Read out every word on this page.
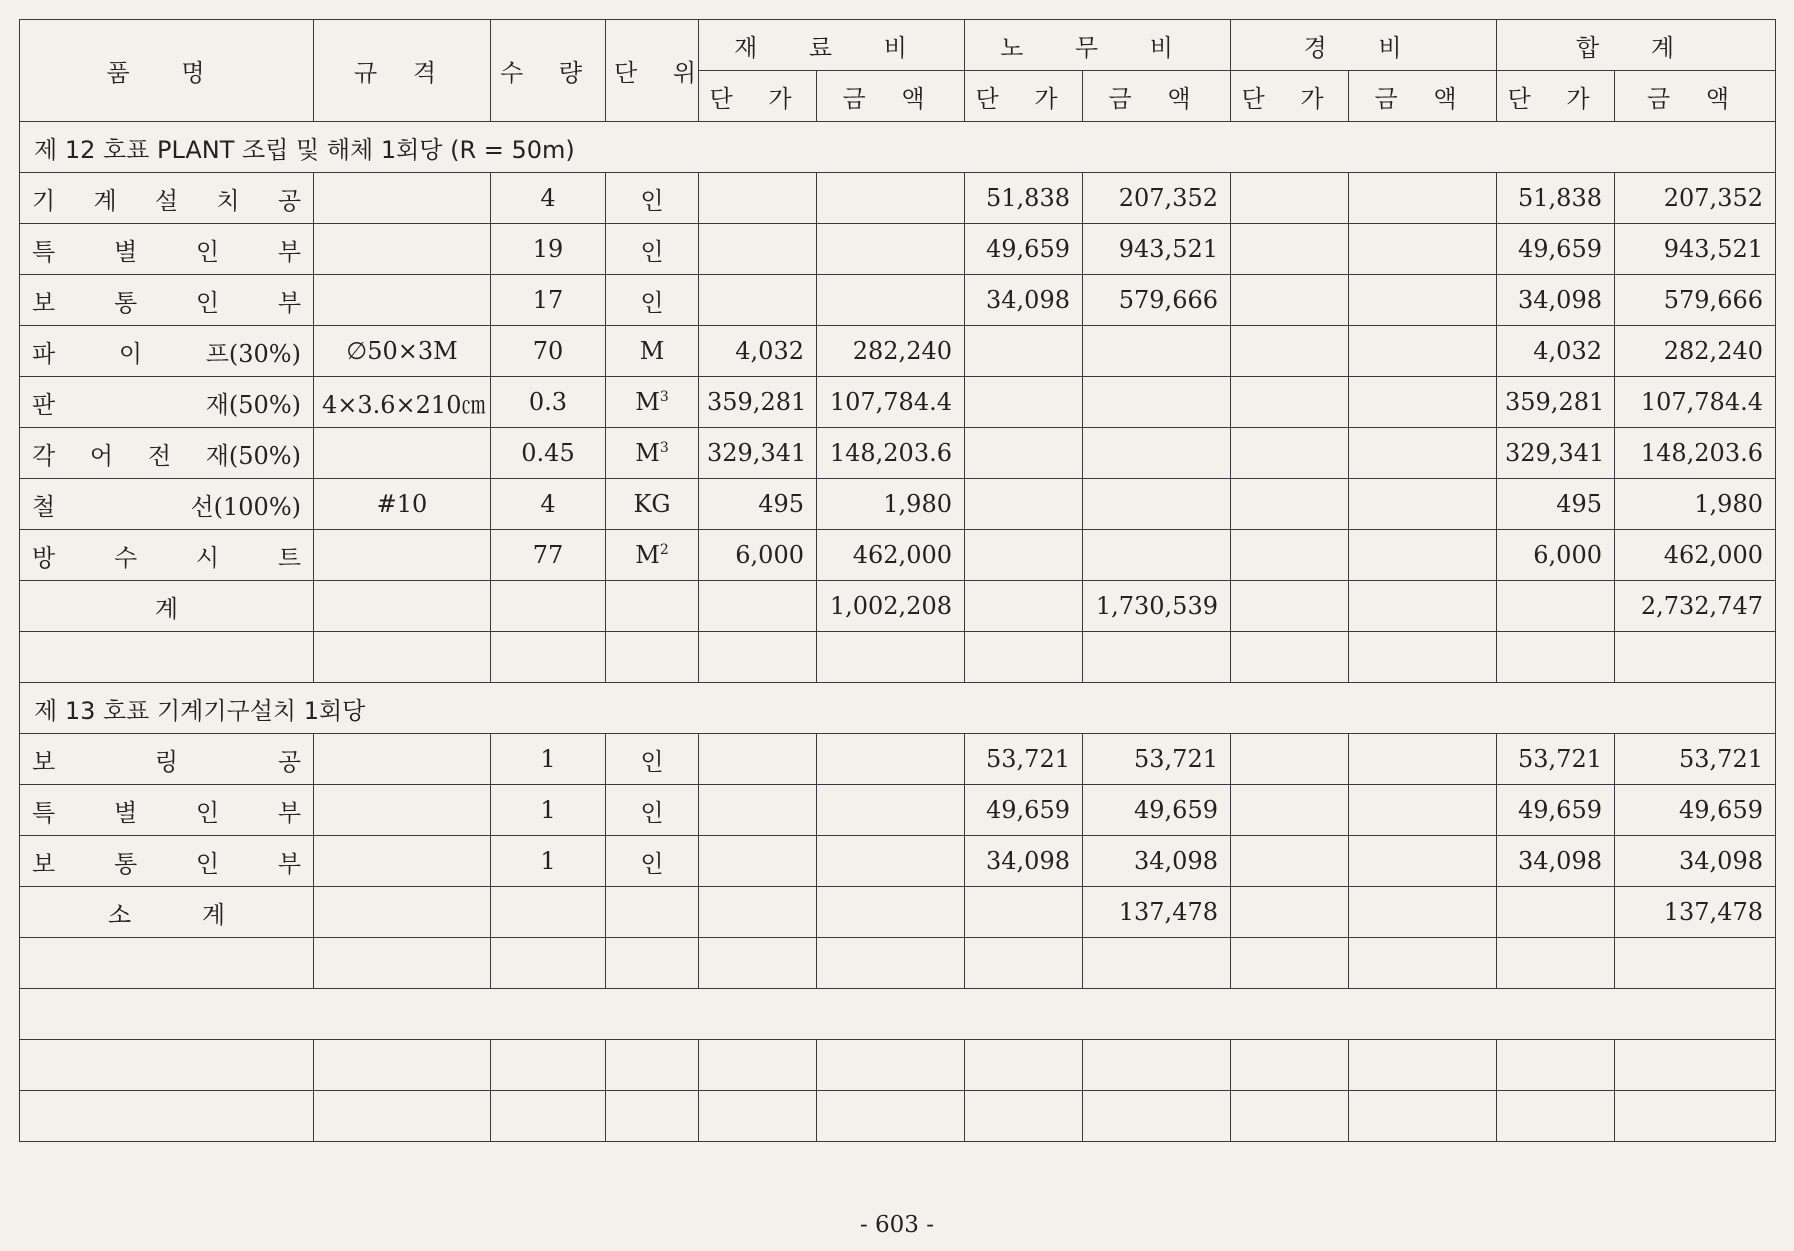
품 명	규 격	수 량	단 위	재 료 비		노 무 비		경 비		합 계	
				단 가	금 액	단 가	금 액	단 가	금 액	단 가	금 액
제 12 호표 PLANT 조립 및 해체 1회당 (R = 50m)											

기 계 설 치 공		4	인			51,838	207,352			51,838	207,352

특 별 인 부		19	인			49,659	943,521			49,659	943,521

보 통 인 부		17	인			34,098	579,666			34,098	579,666

파 이 프(30%)	∅50×3M	70	M	4,032	282,240					4,032	282,240

판 재(50%)	4×3.6×210㎝	0.3	$M^3$	359,281	107,784.4					359,281	107,784.4

각 어 전 재(50%)		0.45	$M^3$	329,341	148,203.6					329,341	148,203.6

철 선(100%)	#10	4	KG	495	1,980					495	1,980

방 수 시 트		77	$M^2$	6,000	462,000					6,000	462,000
계					1,002,208		1,730,539				2,732,747

제 13 호표 기계기구설치 1회당											

보 링 공		1	인			53,721	53,721			53,721	53,721

특 별 인 부		1	인			49,659	49,659			49,659	49,659

보 통 인 부		1	인			34,098	34,098			34,098	34,098

소 계							137,478				137,478

- 603 -
